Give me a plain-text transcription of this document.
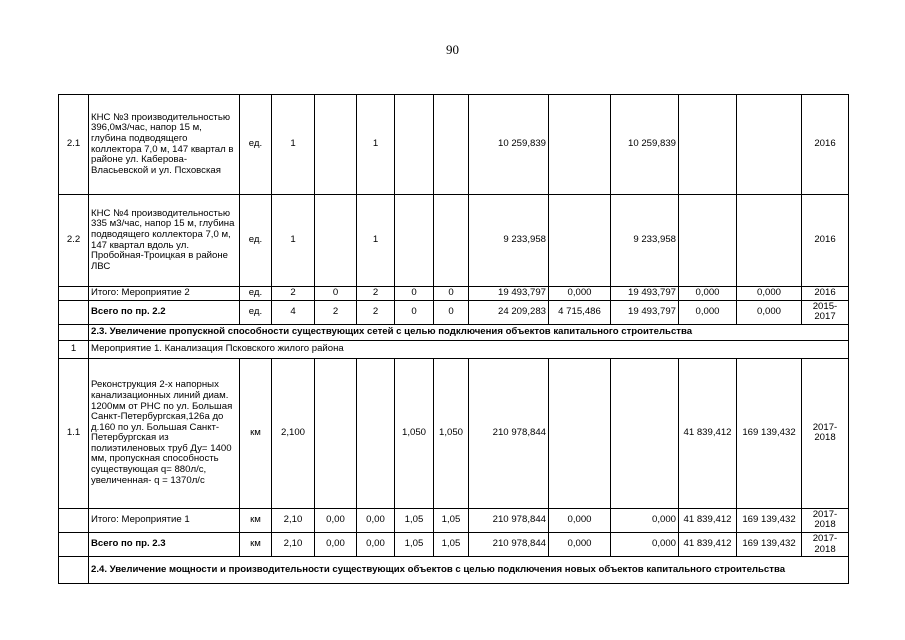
90
2.1	КНС №3 производительностью 396,0м3/час, напор 15 м, глубина подводящего коллектора 7,0 м, 147 квартал в районе ул. Каберова-Власьевской и ул. Псховская	ед.	1		1			10 259,839		10 259,839			2016
2.2	КНС №4 производительностью 335 м3/час, напор 15 м, глубина подводящего коллектора 7,0 м, 147 квартал вдоль ул. Пробойная-Троицкая в районе ЛВС	ед.	1		1			9 233,958		9 233,958			2016
	Итого: Мероприятие 2	ед.	2	0	2	0	0	19 493,797	0,000	19 493,797	0,000	0,000	2016
	Всего по пр. 2.2	ед.	4	2	2	0	0	24 209,283	4 715,486	19 493,797	0,000	0,000	2015-2017
	2.3. Увеличение пропускной способности существующих сетей с целью подключения объектов капитального строительства												
1	Мероприятие 1. Канализация Псковского жилого района												
1.1	Реконструкция 2-х напорных канализационных линий диам. 1200мм от РНС по ул. Большая Санкт-Петербургская,126а до д.160 по ул. Большая Санкт-Петербургская из полиэтиленовых труб Ду= 1400 мм, пропускная способность существующая q= 880л/с, увеличенная- q = 1370л/с	км	2,100			1,050	1,050	210 978,844			41 839,412	169 139,432	2017-2018
	Итого: Мероприятие 1	км	2,10	0,00	0,00	1,05	1,05	210 978,844	0,000	0,000	41 839,412	169 139,432	2017-2018
	Всего по пр. 2.3	км	2,10	0,00	0,00	1,05	1,05	210 978,844	0,000	0,000	41 839,412	169 139,432	2017-2018
	2.4. Увеличение мощности и производительности существующих объектов с целью подключения новых объектов капитального строительства												
